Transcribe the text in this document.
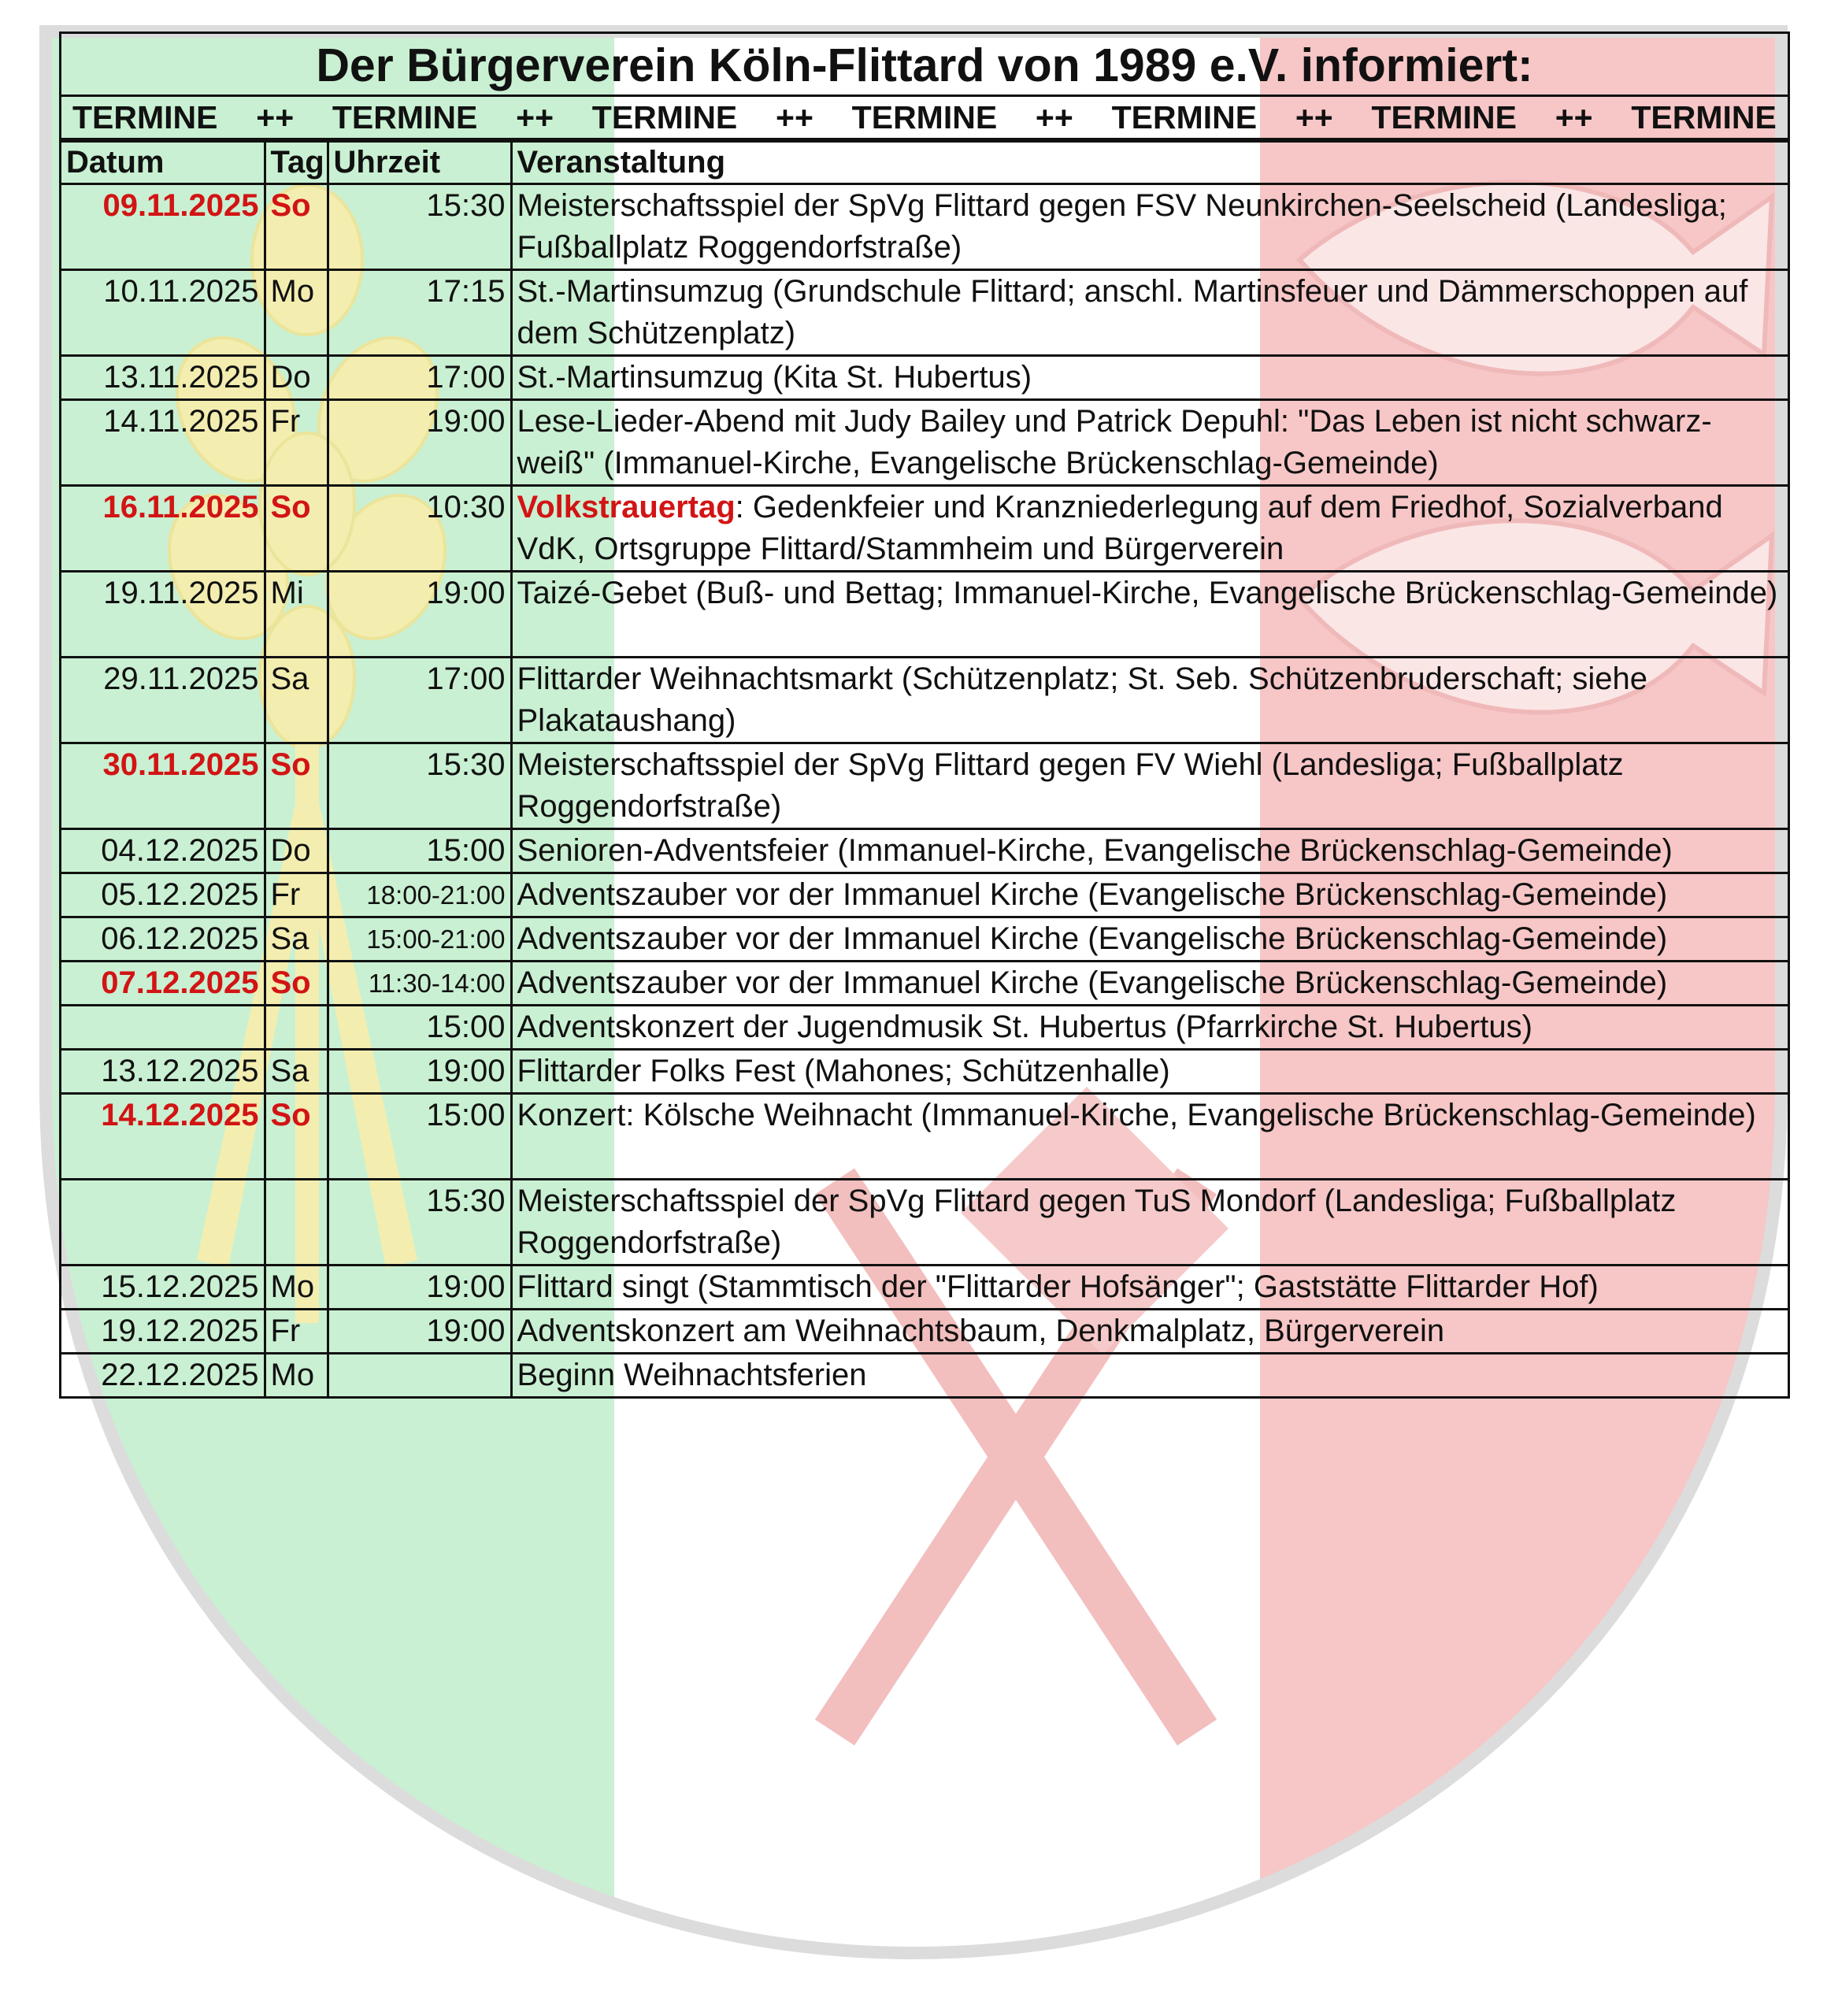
Der Bürgerverein Köln-Flittard von 1989 e.V. informiert:
TERMINE ++ TERMINE ++ TERMINE ++ TERMINE ++ TERMINE ++ TERMINE ++ TERMINE
Datum	Tag	Uhrzeit	Veranstaltung
09.11.2025	So	15:30	Meisterschaftsspiel der SpVg Flittard gegen FSV Neunkirchen-Seelscheid (Landesliga; Fußballplatz Roggendorfstraße)
10.11.2025	Mo	17:15	St.-Martinsumzug (Grundschule Flittard; anschl. Martinsfeuer und Dämmerschoppen auf dem Schützenplatz)
13.11.2025	Do	17:00	St.-Martinsumzug (Kita St. Hubertus)
14.11.2025	Fr	19:00	Lese-Lieder-Abend mit Judy Bailey und Patrick Depuhl: "Das Leben ist nicht schwarz-weiß" (Immanuel-Kirche, Evangelische Brückenschlag-Gemeinde)
16.11.2025	So	10:30	Volkstrauertag: Gedenkfeier und Kranzniederlegung auf dem Friedhof, Sozialverband VdK, Ortsgruppe Flittard/Stammheim und Bürgerverein
19.11.2025	Mi	19:00	Taizé-Gebet (Buß- und Bettag; Immanuel-Kirche, Evangelische Brückenschlag-Gemeinde)
29.11.2025	Sa	17:00	Flittarder Weihnachtsmarkt (Schützenplatz; St. Seb. Schützenbruderschaft; siehe Plakataushang)
30.11.2025	So	15:30	Meisterschaftsspiel der SpVg Flittard gegen FV Wiehl (Landesliga; Fußballplatz Roggendorfstraße)
04.12.2025	Do	15:00	Senioren-Adventsfeier (Immanuel-Kirche, Evangelische Brückenschlag-Gemeinde)
05.12.2025	Fr	18:00-21:00	Adventszauber vor der Immanuel Kirche (Evangelische Brückenschlag-Gemeinde)
06.12.2025	Sa	15:00-21:00	Adventszauber vor der Immanuel Kirche (Evangelische Brückenschlag-Gemeinde)
07.12.2025	So	11:30-14:00	Adventszauber vor der Immanuel Kirche (Evangelische Brückenschlag-Gemeinde)
		15:00	Adventskonzert der Jugendmusik St. Hubertus (Pfarrkirche St. Hubertus)
13.12.2025	Sa	19:00	Flittarder Folks Fest (Mahones; Schützenhalle)
14.12.2025	So	15:00	Konzert: Kölsche Weihnacht (Immanuel-Kirche, Evangelische Brückenschlag-Gemeinde)
		15:30	Meisterschaftsspiel der SpVg Flittard gegen TuS Mondorf (Landesliga; Fußballplatz Roggendorfstraße)
15.12.2025	Mo	19:00	Flittard singt (Stammtisch der "Flittarder Hofsänger"; Gaststätte Flittarder Hof)
19.12.2025	Fr	19:00	Adventskonzert am Weihnachtsbaum, Denkmalplatz, Bürgerverein
22.12.2025	Mo		Beginn Weihnachtsferien
